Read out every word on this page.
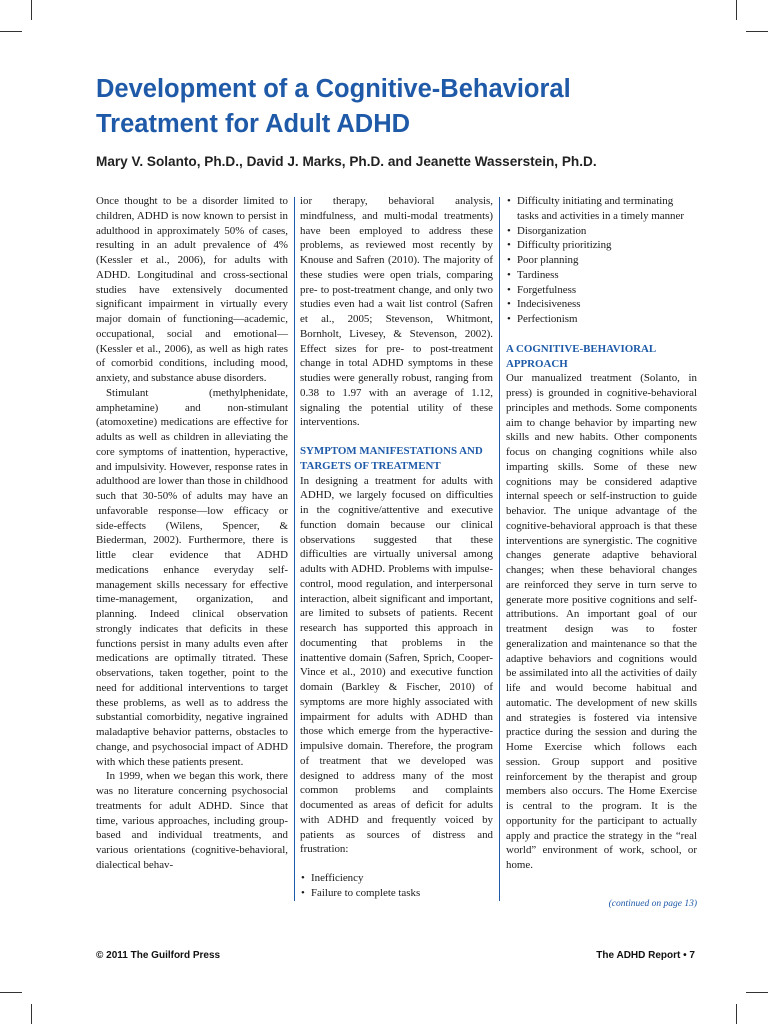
Development of a Cognitive-Behavioral Treatment for Adult ADHD
Mary V. Solanto, Ph.D., David J. Marks, Ph.D. and Jeanette Wasserstein, Ph.D.

Once thought to be a disorder limited to children, ADHD is now known to persist in adulthood in approximately 50% of cases, resulting in an adult prevalence of 4% (Kessler et al., 2006), for adults with ADHD. Longitudinal and cross-sectional studies have extensively documented significant impairment in virtually every major domain of functioning—academic, occupational, social and emotional—(Kessler et al., 2006), as well as high rates of comorbid conditions, including mood, anxiety, and substance abuse disorders.

Stimulant (methylphenidate, amphetamine) and non-stimulant (atomoxetine) medications are effective for adults as well as children in alleviating the core symptoms of inattention, hyperactive, and impulsivity. However, response rates in adulthood are lower than those in childhood such that 30-50% of adults may have an unfavorable response—low efficacy or side-effects (Wilens, Spencer, & Biederman, 2002). Furthermore, there is little clear evidence that ADHD medications enhance everyday self-management skills necessary for effective time-management, organization, and planning. Indeed clinical observation strongly indicates that deficits in these functions persist in many adults even after medications are optimally titrated. These observations, taken together, point to the need for additional interventions to target these problems, as well as to address the substantial comorbidity, negative ingrained maladaptive behavior patterns, obstacles to change, and psychosocial impact of ADHD with which these patients present.

In 1999, when we began this work, there was no literature concerning psychosocial treatments for adult ADHD. Since that time, various approaches, including group-based and individual treatments, and various orientations (cognitive-behavioral, dialectical behav-

ior therapy, behavioral analysis, mindfulness, and multi-modal treatments) have been employed to address these problems, as reviewed most recently by Knouse and Safren (2010). The majority of these studies were open trials, comparing pre- to post-treatment change, and only two studies even had a wait list control (Safren et al., 2005; Stevenson, Whitmont, Bornholt, Livesey, & Stevenson, 2002). Effect sizes for pre- to post-treatment change in total ADHD symptoms in these studies were generally robust, ranging from 0.38 to 1.97 with an average of 1.12, signaling the potential utility of these interventions.

SYMPTOM MANIFESTATIONS AND TARGETS OF TREATMENT

In designing a treatment for adults with ADHD, we largely focused on difficulties in the cognitive/attentive and executive function domain because our clinical observations suggested that these difficulties are virtually universal among adults with ADHD. Problems with impulse-control, mood regulation, and interpersonal interaction, albeit significant and important, are limited to subsets of patients. Recent research has supported this approach in documenting that problems in the inattentive domain (Safren, Sprich, Cooper-Vince et al., 2010) and executive function domain (Barkley & Fischer, 2010) of symptoms are more highly associated with impairment for adults with ADHD than those which emerge from the hyperactive-impulsive domain. Therefore, the program of treatment that we developed was designed to address many of the most common problems and complaints documented as areas of deficit for adults with ADHD and frequently voiced by patients as sources of distress and frustration:

• Inefficiency
• Failure to complete tasks
• Difficulty initiating and terminating tasks and activities in a timely manner
• Disorganization
• Difficulty prioritizing
• Poor planning
• Tardiness
• Forgetfulness
• Indecisiveness
• Perfectionism
A COGNITIVE-BEHAVIORAL APPROACH

Our manualized treatment (Solanto, in press) is grounded in cognitive-behavioral principles and methods. Some components aim to change behavior by imparting new skills and new habits. Other components focus on changing cognitions while also imparting skills. Some of these new cognitions may be considered adaptive internal speech or self-instruction to guide behavior. The unique advantage of the cognitive-behavioral approach is that these interventions are synergistic. The cognitive changes generate adaptive behavioral changes; when these behavioral changes are reinforced they serve in turn serve to generate more positive cognitions and self-attributions. An important goal of our treatment design was to foster generalization and maintenance so that the adaptive behaviors and cognitions would be assimilated into all the activities of daily life and would become habitual and automatic. The development of new skills and strategies is fostered via intensive practice during the session and during the Home Exercise which follows each session. Group support and positive reinforcement by the therapist and group members also occurs. The Home Exercise is central to the program. It is the opportunity for the participant to actually apply and practice the strategy in the “real world” environment of work, school, or home.

(continued on page 13)
© 2011 The Guilford Press	The ADHD Report • 7
